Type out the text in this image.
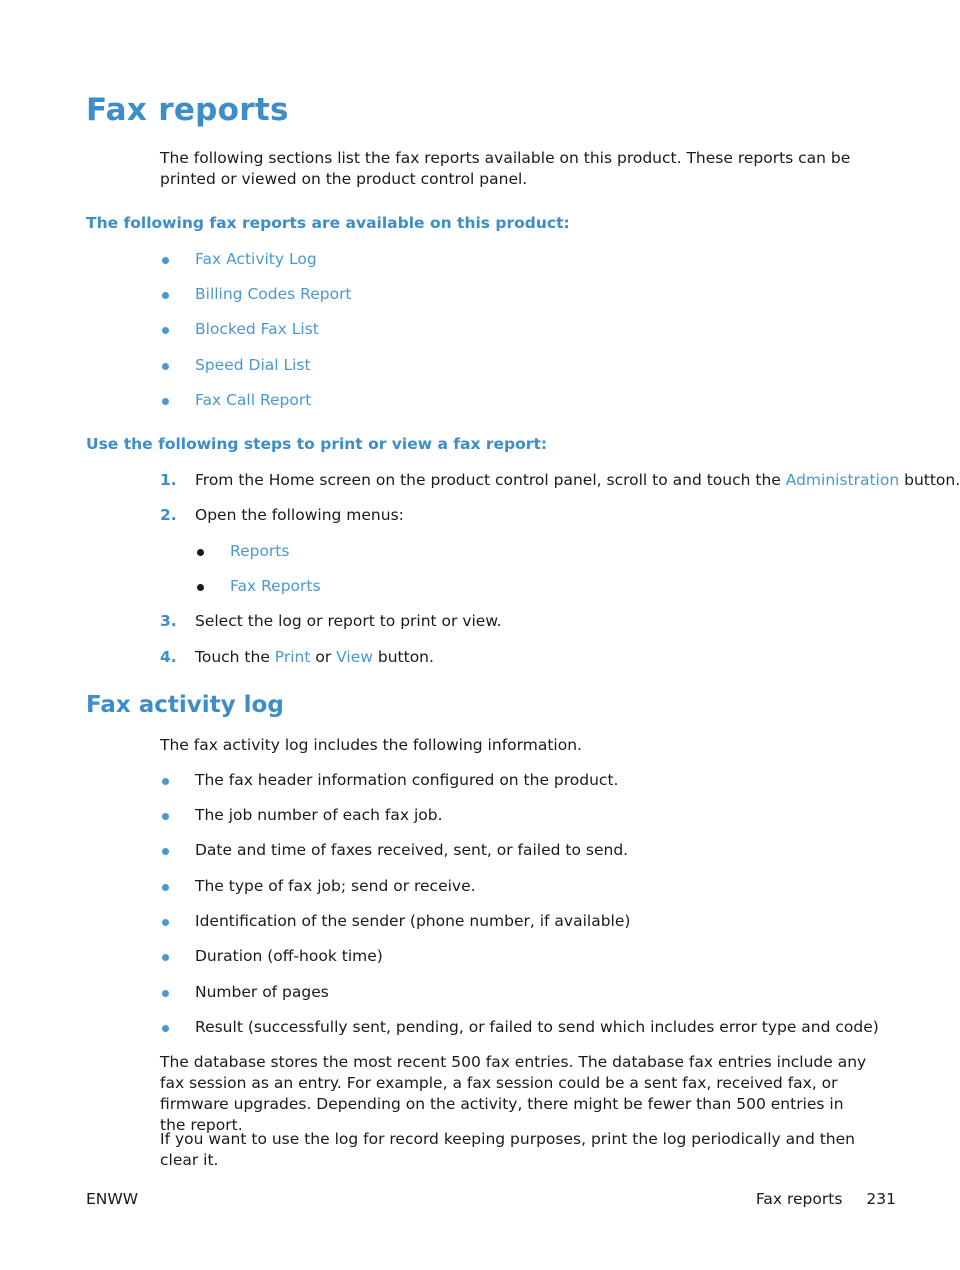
Fax reports

The following sections list the fax reports available on this product. These reports can be printed or viewed on the product control panel.

The following fax reports are available on this product:
Fax Activity Log
Billing Codes Report
Blocked Fax List
Speed Dial List
Fax Call Report
Use the following steps to print or view a fax report:
1. From the Home screen on the product control panel, scroll to and touch the Administration button.
2. Open the following menus:
Reports
Fax Reports
3. Select the log or report to print or view.
4. Touch the Print or View button.
Fax activity log

The fax activity log includes the following information.

The fax header information configured on the product.
The job number of each fax job.
Date and time of faxes received, sent, or failed to send.
The type of fax job; send or receive.
Identification of the sender (phone number, if available)
Duration (off-hook time)
Number of pages
Result (successfully sent, pending, or failed to send which includes error type and code)

The database stores the most recent 500 fax entries. The database fax entries include any fax session as an entry. For example, a fax session could be a sent fax, received fax, or firmware upgrades. Depending on the activity, there might be fewer than 500 entries in the report.

If you want to use the log for record keeping purposes, print the log periodically and then clear it.

ENWW	Fax reports 231
